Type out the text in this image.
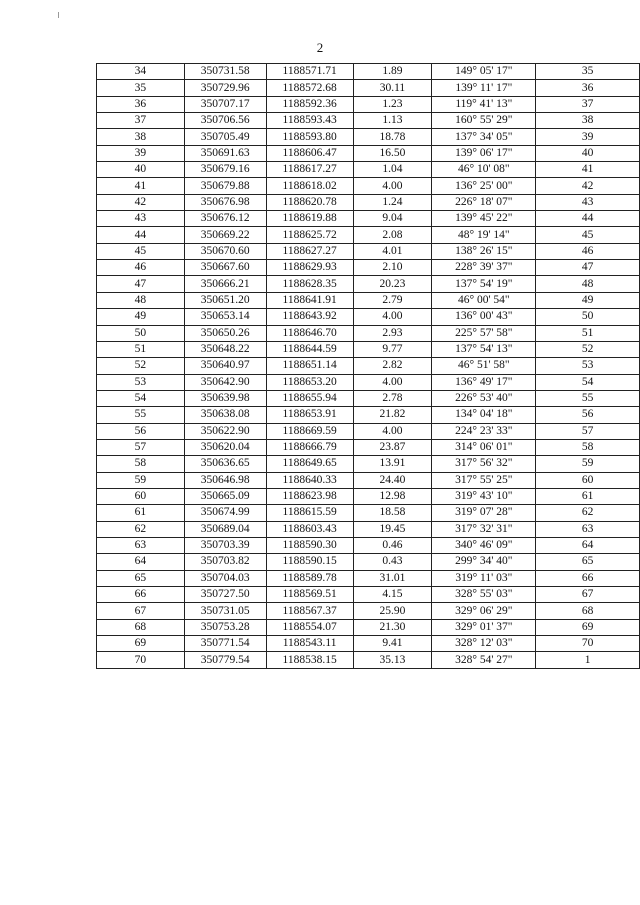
2
34	350731.58	1188571.71	1.89	149° 05' 17"	35
35	350729.96	1188572.68	30.11	139° 11' 17"	36
36	350707.17	1188592.36	1.23	119° 41' 13"	37
37	350706.56	1188593.43	1.13	160° 55' 29"	38
38	350705.49	1188593.80	18.78	137° 34' 05"	39
39	350691.63	1188606.47	16.50	139° 06' 17"	40
40	350679.16	1188617.27	1.04	46° 10' 08"	41
41	350679.88	1188618.02	4.00	136° 25' 00"	42
42	350676.98	1188620.78	1.24	226° 18' 07"	43
43	350676.12	1188619.88	9.04	139° 45' 22"	44
44	350669.22	1188625.72	2.08	48° 19' 14"	45
45	350670.60	1188627.27	4.01	138° 26' 15"	46
46	350667.60	1188629.93	2.10	228° 39' 37"	47
47	350666.21	1188628.35	20.23	137° 54' 19"	48
48	350651.20	1188641.91	2.79	46° 00' 54"	49
49	350653.14	1188643.92	4.00	136° 00' 43"	50
50	350650.26	1188646.70	2.93	225° 57' 58"	51
51	350648.22	1188644.59	9.77	137° 54' 13"	52
52	350640.97	1188651.14	2.82	46° 51' 58"	53
53	350642.90	1188653.20	4.00	136° 49' 17"	54
54	350639.98	1188655.94	2.78	226° 53' 40"	55
55	350638.08	1188653.91	21.82	134° 04' 18"	56
56	350622.90	1188669.59	4.00	224° 23' 33"	57
57	350620.04	1188666.79	23.87	314° 06' 01"	58
58	350636.65	1188649.65	13.91	317° 56' 32"	59
59	350646.98	1188640.33	24.40	317° 55' 25"	60
60	350665.09	1188623.98	12.98	319° 43' 10"	61
61	350674.99	1188615.59	18.58	319° 07' 28"	62
62	350689.04	1188603.43	19.45	317° 32' 31"	63
63	350703.39	1188590.30	0.46	340° 46' 09"	64
64	350703.82	1188590.15	0.43	299° 34' 40"	65
65	350704.03	1188589.78	31.01	319° 11' 03"	66
66	350727.50	1188569.51	4.15	328° 55' 03"	67
67	350731.05	1188567.37	25.90	329° 06' 29"	68
68	350753.28	1188554.07	21.30	329° 01' 37"	69
69	350771.54	1188543.11	9.41	328° 12' 03"	70
70	350779.54	1188538.15	35.13	328° 54' 27"	1
